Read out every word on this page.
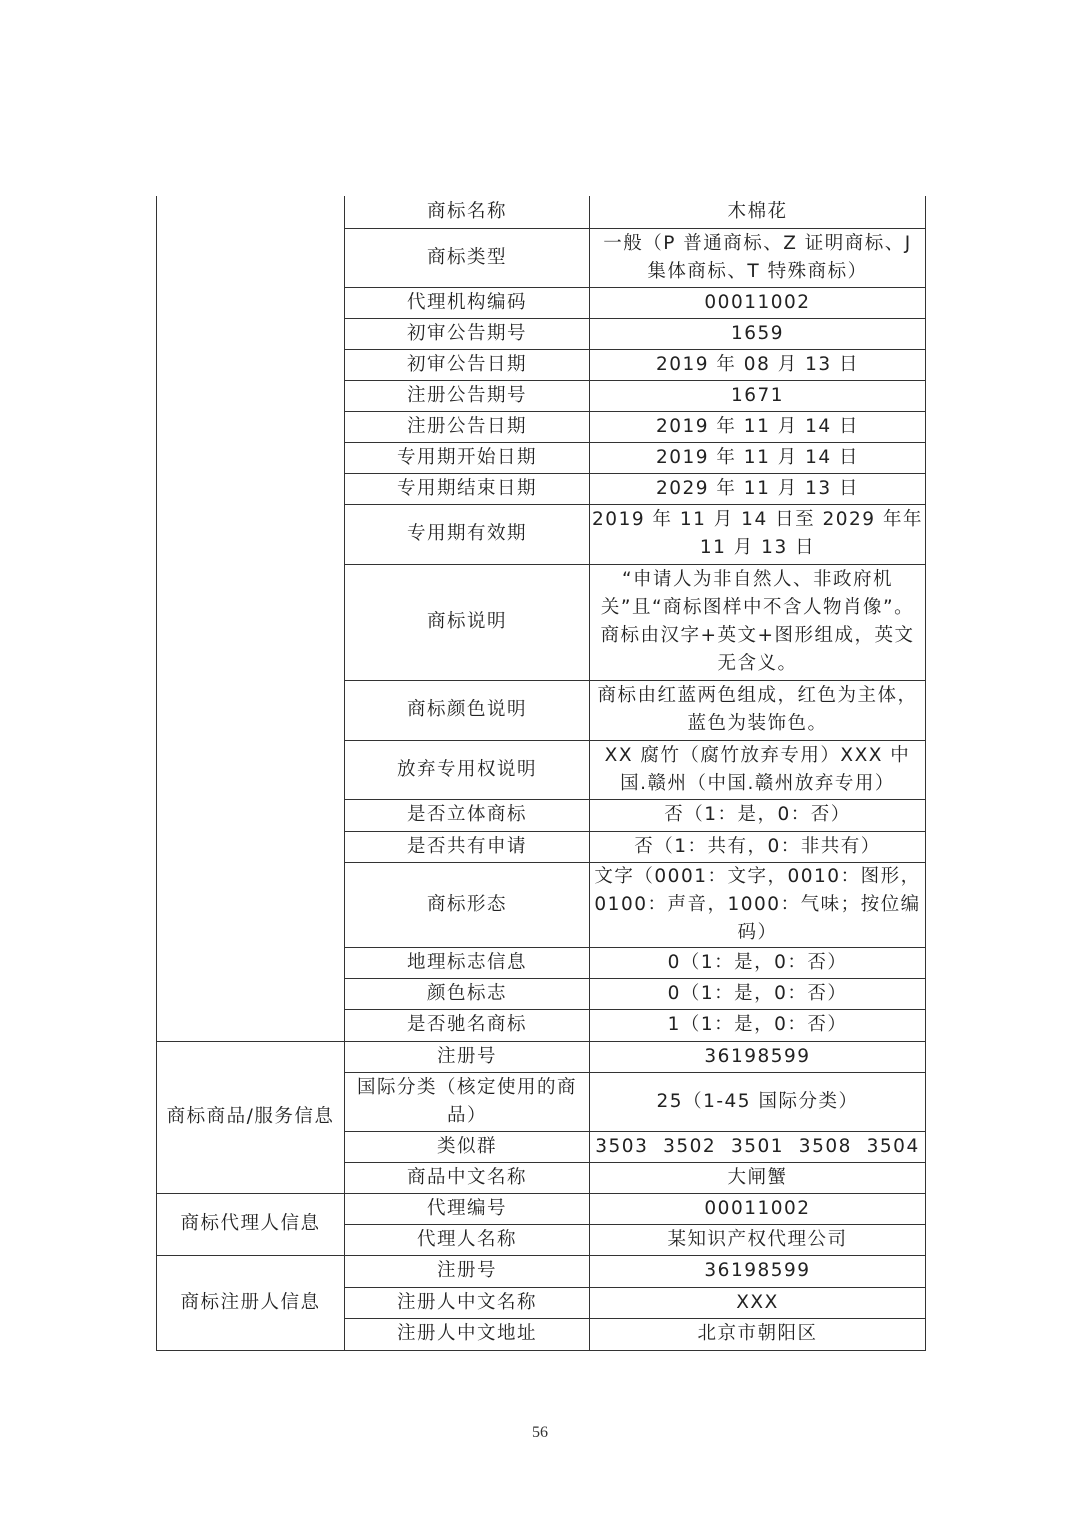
	商标名称	木棉花
	商标类型	一般（P 普通商标、Z 证明商标、J 集体商标、T 特殊商标）
	代理机构编码	00011002
	初审公告期号	1659
	初审公告日期	2019 年 08 月 13 日
	注册公告期号	1671
	注册公告日期	2019 年 11 月 14 日
	专用期开始日期	2019 年 11 月 14 日
	专用期结束日期	2029 年 11 月 13 日
	专用期有效期	2019 年 11 月 14 日至 2029 年年 11 月 13 日
	商标说明	“申请人为非自然人、非政府机关”且“商标图样中不含人物肖像”。商标由汉字+英文+图形组成，英文无含义。
	商标颜色说明	商标由红蓝两色组成，红色为主体，蓝色为装饰色。
	放弃专用权说明	XX 腐竹（腐竹放弃专用）XXX 中国.赣州（中国.赣州放弃专用）
	是否立体商标	否（1：是，0：否）
	是否共有申请	否（1：共有，0：非共有）
	商标形态	文字（0001：文字，0010：图形，0100：声音，1000：气味；按位编码）
	地理标志信息	0（1：是，0：否）
	颜色标志	0（1：是，0：否）
	是否驰名商标	1（1：是，0：否）
商标商品/服务信息	注册号	36198599
	国际分类（核定使用的商品）	25（1-45 国际分类）
	类似群	3503  3502  3501  3508  3504
	商品中文名称	大闸蟹
商标代理人信息	代理编号	00011002
	代理人名称	某知识产权代理公司
商标注册人信息	注册号	36198599
	注册人中文名称	XXX
	注册人中文地址	北京市朝阳区
56
